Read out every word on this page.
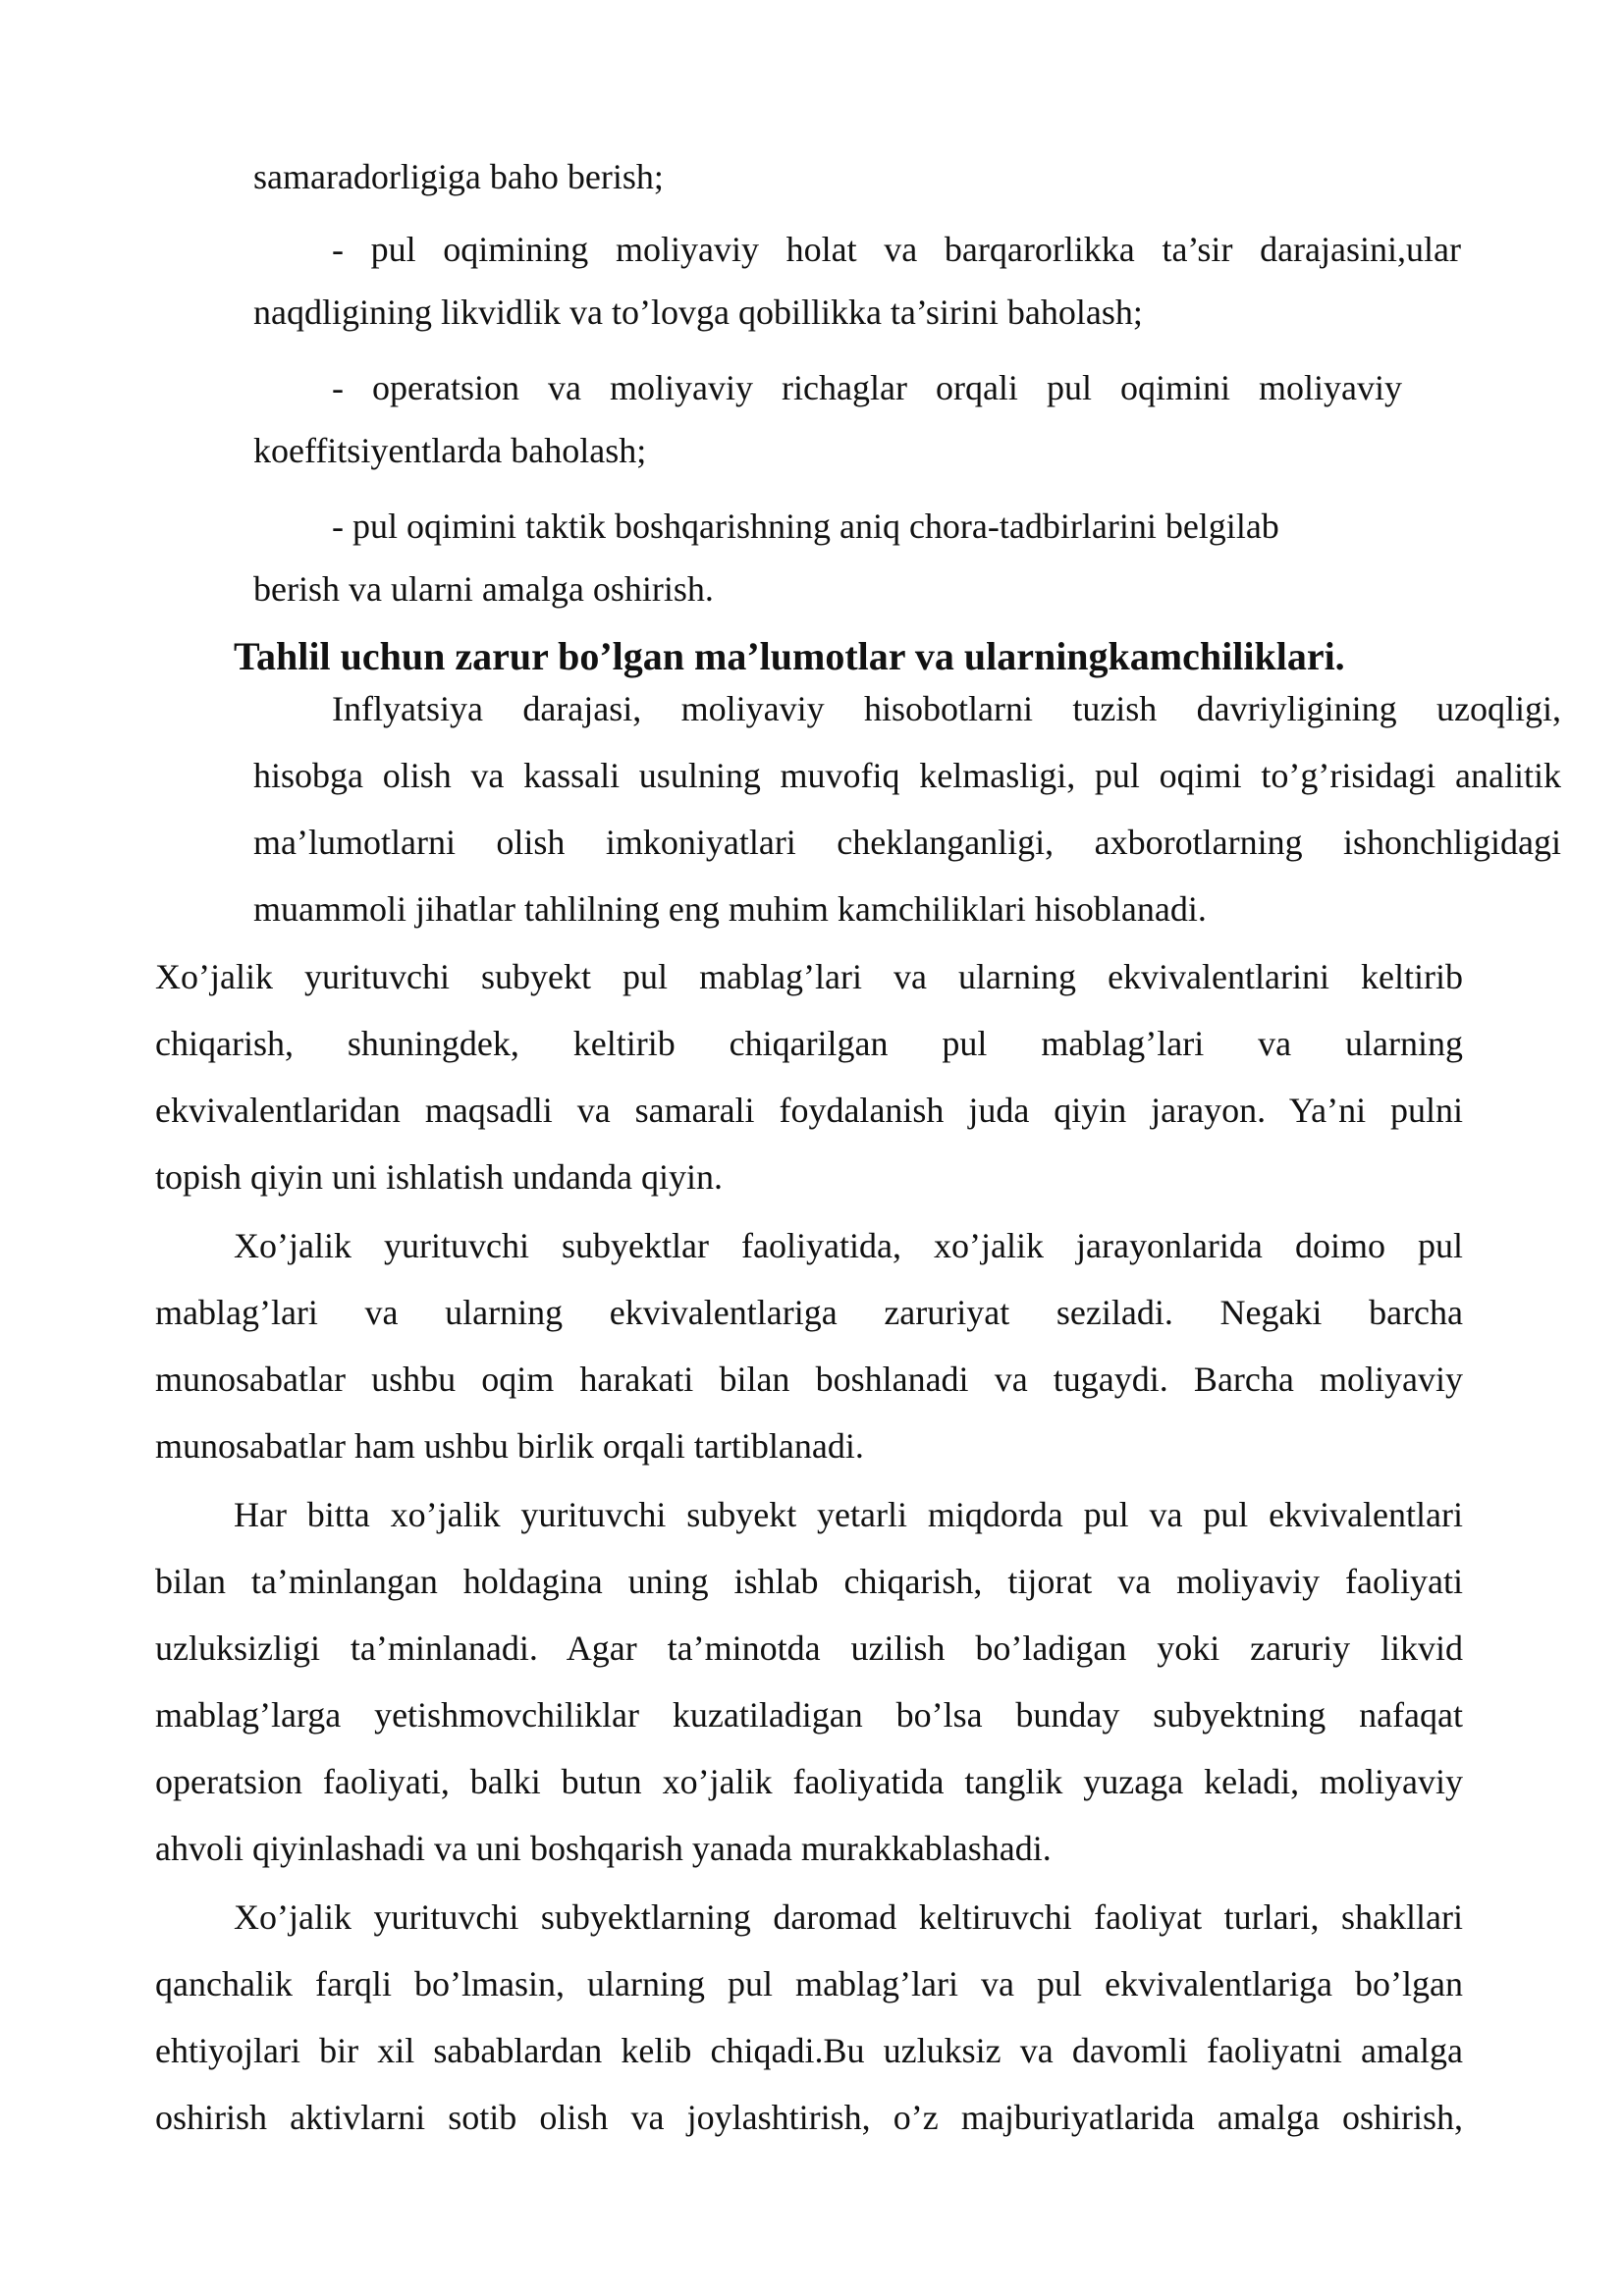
samaradorligiga baho berish;
- pul oqimining moliyaviy holat va barqarorlikka ta’sir darajasini,ular
naqdligining likvidlik va to’lovga qobillikka ta’sirini baholash;
- operatsion va moliyaviy richaglar orqali pul oqimini moliyaviy
koeffitsiyentlarda baholash;
- pul oqimini taktik boshqarishning aniq chora-tadbirlarini belgilab
berish va ularni amalga oshirish.
Tahlil uchun zarur bo’lgan ma’lumotlar va ularningkamchiliklari.
Inflyatsiya darajasi, moliyaviy hisobotlarni tuzish davriyligining uzoqligi,
hisobga olish va kassali usulning muvofiq kelmasligi, pul oqimi to’g’risidagi analitik
ma’lumotlarni olish imkoniyatlari cheklanganligi, axborotlarning ishonchligidagi
muammoli jihatlar tahlilning eng muhim kamchiliklari hisoblanadi.
Xo’jalik yurituvchi subyekt pul mablag’lari va ularning ekvivalentlarini keltirib
chiqarish, shuningdek, keltirib chiqarilgan pul mablag’lari va ularning
ekvivalentlaridan maqsadli va samarali foydalanish juda qiyin jarayon. Ya’ni pulni
topish qiyin uni ishlatish undanda qiyin.
Xo’jalik yurituvchi subyektlar faoliyatida, xo’jalik jarayonlarida doimo pul
mablag’lari va ularning ekvivalentlariga zaruriyat seziladi. Negaki barcha
munosabatlar ushbu oqim harakati bilan boshlanadi va tugaydi. Barcha moliyaviy
munosabatlar ham ushbu birlik orqali tartiblanadi.
Har bitta xo’jalik yurituvchi subyekt yetarli miqdorda pul va pul ekvivalentlari
bilan ta’minlangan holdagina uning ishlab chiqarish, tijorat va moliyaviy faoliyati
uzluksizligi ta’minlanadi. Agar ta’minotda uzilish bo’ladigan yoki zaruriy likvid
mablag’larga yetishmovchiliklar kuzatiladigan bo’lsa bunday subyektning nafaqat
operatsion faoliyati, balki butun xo’jalik faoliyatida tanglik yuzaga keladi, moliyaviy
ahvoli qiyinlashadi va uni boshqarish yanada murakkablashadi.
Xo’jalik yurituvchi subyektlarning daromad keltiruvchi faoliyat turlari, shakllari
qanchalik farqli bo’lmasin, ularning pul mablag’lari va pul ekvivalentlariga bo’lgan
ehtiyojlari bir xil sabablardan kelib chiqadi.Bu uzluksiz va davomli faoliyatni amalga
oshirish aktivlarni sotib olish va joylashtirish, o’z majburiyatlarida amalga oshirish,
